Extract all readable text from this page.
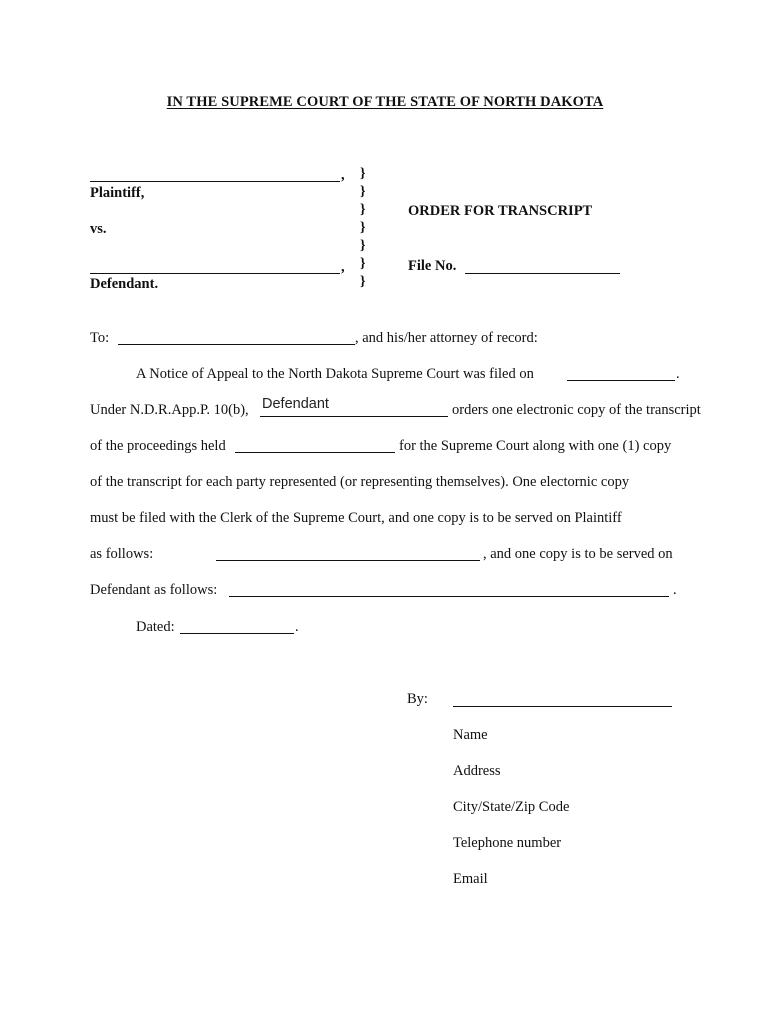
IN THE SUPREME COURT OF THE STATE OF NORTH DAKOTA
,
Plaintiff,
vs.
,
Defendant.
}
}
}
}
}
}
}
ORDER FOR TRANSCRIPT
File No.
To:	, and his/her attorney of record:
A Notice of Appeal to the North Dakota Supreme Court was filed on	.
Under N.D.R.App.P. 10(b), Defendant	orders one electronic copy of the transcript
of the proceedings held	for the Supreme Court along with one (1) copy
of the transcript for each party represented (or representing themselves). One electornic copy
must be filed with the Clerk of the Supreme Court, and one copy is to be served on Plaintiff
as follows:	, and one copy is to be served on
Defendant as follows:	.
Dated:	.
By:
Name
Address
City/State/Zip Code
Telephone number
Email
